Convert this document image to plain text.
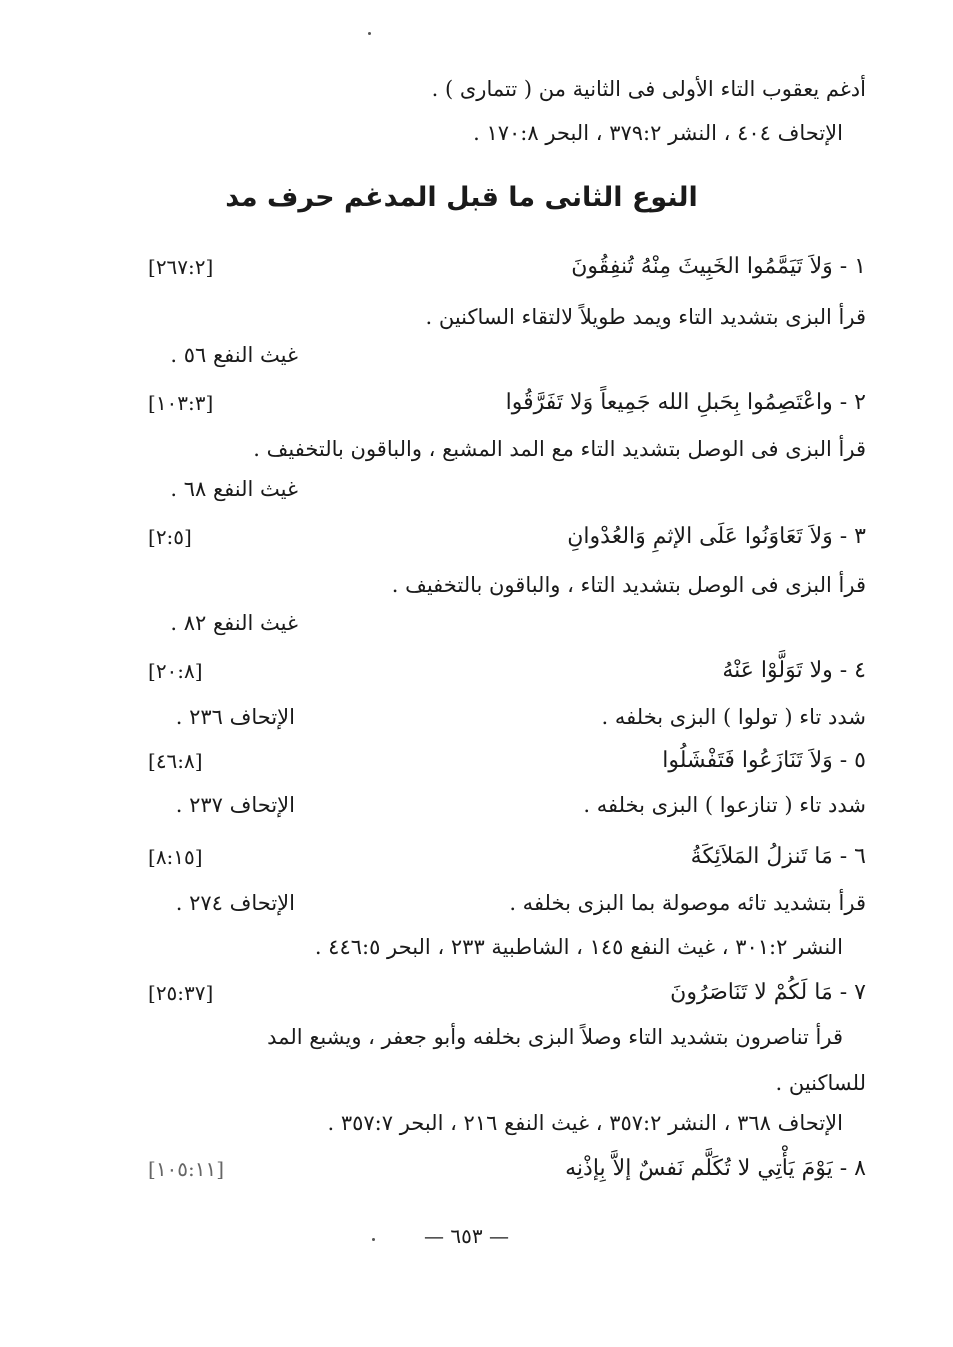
أدغم يعقوب التاء الأولى فى الثانية من ( تتمارى ) .
الإتحاف ٤٠٤ ، النشر ٣٧٩:٢ ، البحر ١٧٠:٨ .
النوع الثانى ما قبل المدغم حرف مد
١ - وَلاَ تَيَمَّمُوا الخَبِيثَ مِنْهُ تُنفِقُونَ
[٢٦٧:٢]
قرأ البزى بتشديد التاء ويمد طويلاً لالتقاء الساكنين .
غيث النفع ٥٦ .
٢ - واعْتَصِمُوا بِحَبلِ الله جَمِيعاً وَلا تَفَرَّقُوا
[١٠٣:٣]
قرأ البزى فى الوصل بتشديد التاء مع المد المشبع ، والباقون بالتخفيف .
غيث النفع ٦٨ .
٣ - وَلاَ تَعَاوَنُوا عَلَى الإثمِ وَالعُدْوانِ
[٢:٥]
قرأ البزى فى الوصل بتشديد التاء ، والباقون بالتخفيف .
غيث النفع ٨٢ .
٤ - ولا تَوَلَّوْا عَنْهُ
[٢٠:٨]
شدد تاء ( تولوا ) البزى بخلفه .
الإتحاف ٢٣٦ .
٥ - وَلاَ تَنَازَعُوا فَتَفْشَلُوا
[٤٦:٨]
شدد تاء ( تنازعوا ) البزى بخلفه .
الإتحاف ٢٣٧ .
٦ - مَا تَنزلُ المَلاَئِكَةُ
[٨:١٥]
قرأ بتشديد تائه موصولة بما البزى بخلفه .
الإتحاف ٢٧٤ .
النشر ٣٠١:٢ ، غيث النفع ١٤٥ ، الشاطبية ٢٣٣ ، البحر ٤٤٦:٥ .
٧ - مَا لَكُمْ لا تَنَاصَرُونَ
[٢٥:٣٧]
قرأ تناصرون بتشديد التاء وصلاً البزى بخلفه وأبو جعفر ، ويشبع المد
للساكنين .
الإتحاف ٣٦٨ ، النشر ٣٥٧:٢ ، غيث النفع ٢١٦ ، البحر ٣٥٧:٧ .
٨ - يَوْمَ يَأْتِي لا تُكَلَّم نَفسٌ إلاَّ بِإذْنِه
[١٠٥:١١]
— ٦٥٣ —
